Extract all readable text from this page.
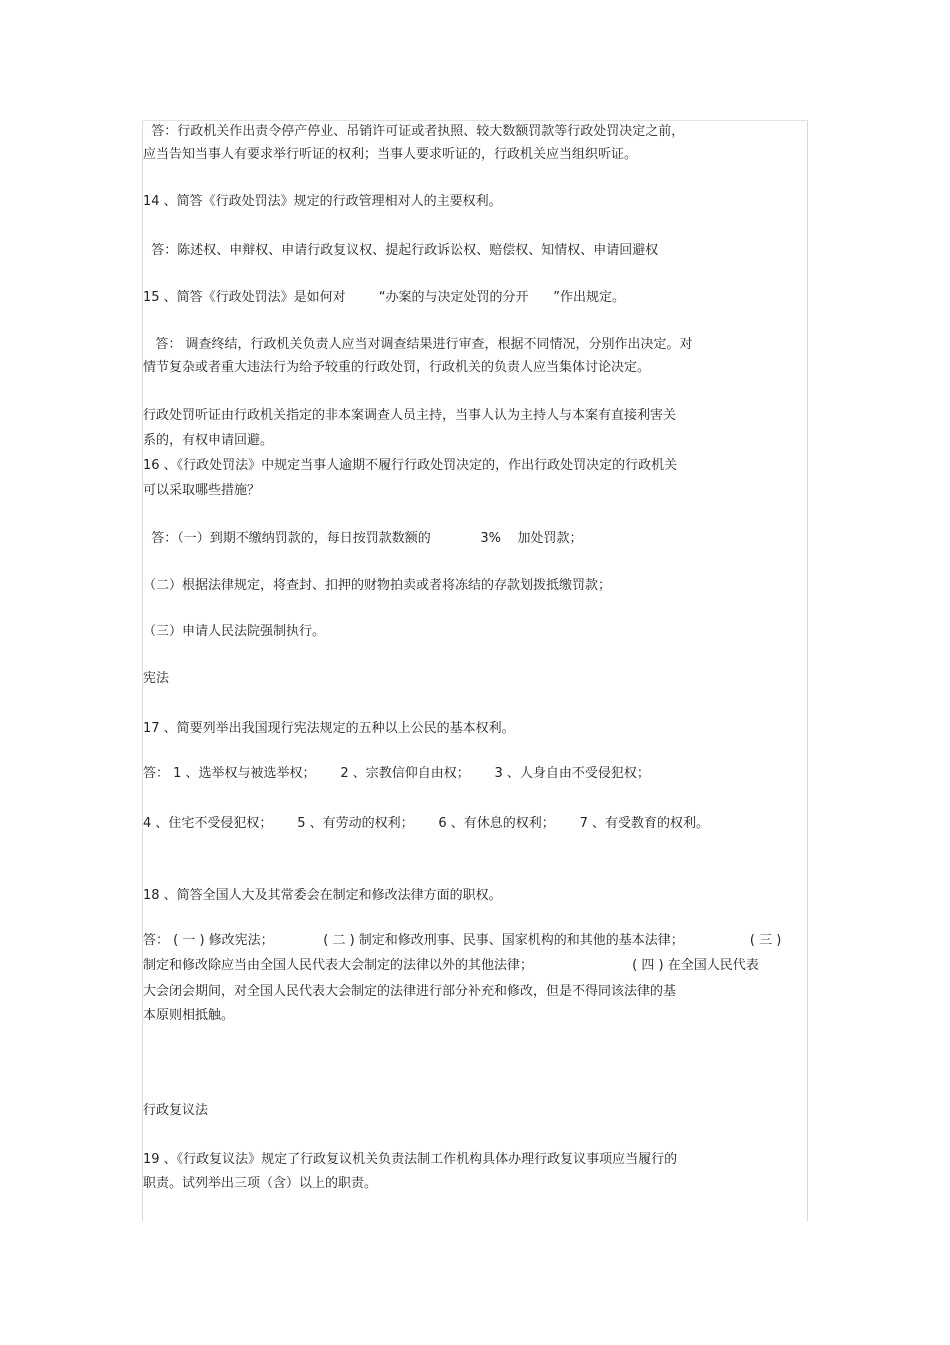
答：行政机关作出责令停产停业、吊销许可证或者执照、较大数额罚款等行政处罚决定之前，
应当告知当事人有要求举行听证的权利；当事人要求听证的，行政机关应当组织听证。
14 、简答《行政处罚法》规定的行政管理相对人的主要权利。
答：陈述权、申辩权、申请行政复议权、提起行政诉讼权、赔偿权、知情权、申请回避权
15 、简答《行政处罚法》是如何对        “办案的与决定处罚的分开      ”作出规定。
答： 调查终结，行政机关负责人应当对调查结果进行审查，根据不同情况，分别作出决定。对
情节复杂或者重大违法行为给予较重的行政处罚，行政机关的负责人应当集体讨论决定。
行政处罚听证由行政机关指定的非本案调查人员主持，当事人认为主持人与本案有直接利害关
系的，有权申请回避。
16 、《行政处罚法》中规定当事人逾期不履行行政处罚决定的，作出行政处罚决定的行政机关
可以采取哪些措施？
答：（一）到期不缴纳罚款的，每日按罚款数额的            3%    加处罚款；
（二）根据法律规定，将查封、扣押的财物拍卖或者将冻结的存款划拨抵缴罚款；
（三）申请人民法院强制执行。
宪法
17 、简要列举出我国现行宪法规定的五种以上公民的基本权利。
答： 1 、选举权与被选举权；      2 、宗教信仰自由权；      3 、人身自由不受侵犯权；
4 、住宅不受侵犯权；      5 、有劳动的权利；      6 、有休息的权利；      7 、有受教育的权利。
18 、简答全国人大及其常委会在制定和修改法律方面的职权。
答： ( 一 ) 修改宪法；            ( 二 ) 制定和修改刑事、民事、国家机构的和其他的基本法律；                ( 三 )
制定和修改除应当由全国人民代表大会制定的法律以外的其他法律；                        ( 四 ) 在全国人民代表
大会闭会期间，对全国人民代表大会制定的法律进行部分补充和修改，但是不得同该法律的基
本原则相抵触。
行政复议法
19 、《行政复议法》规定了行政复议机关负责法制工作机构具体办理行政复议事项应当履行的
职责。试列举出三项（含）以上的职责。
